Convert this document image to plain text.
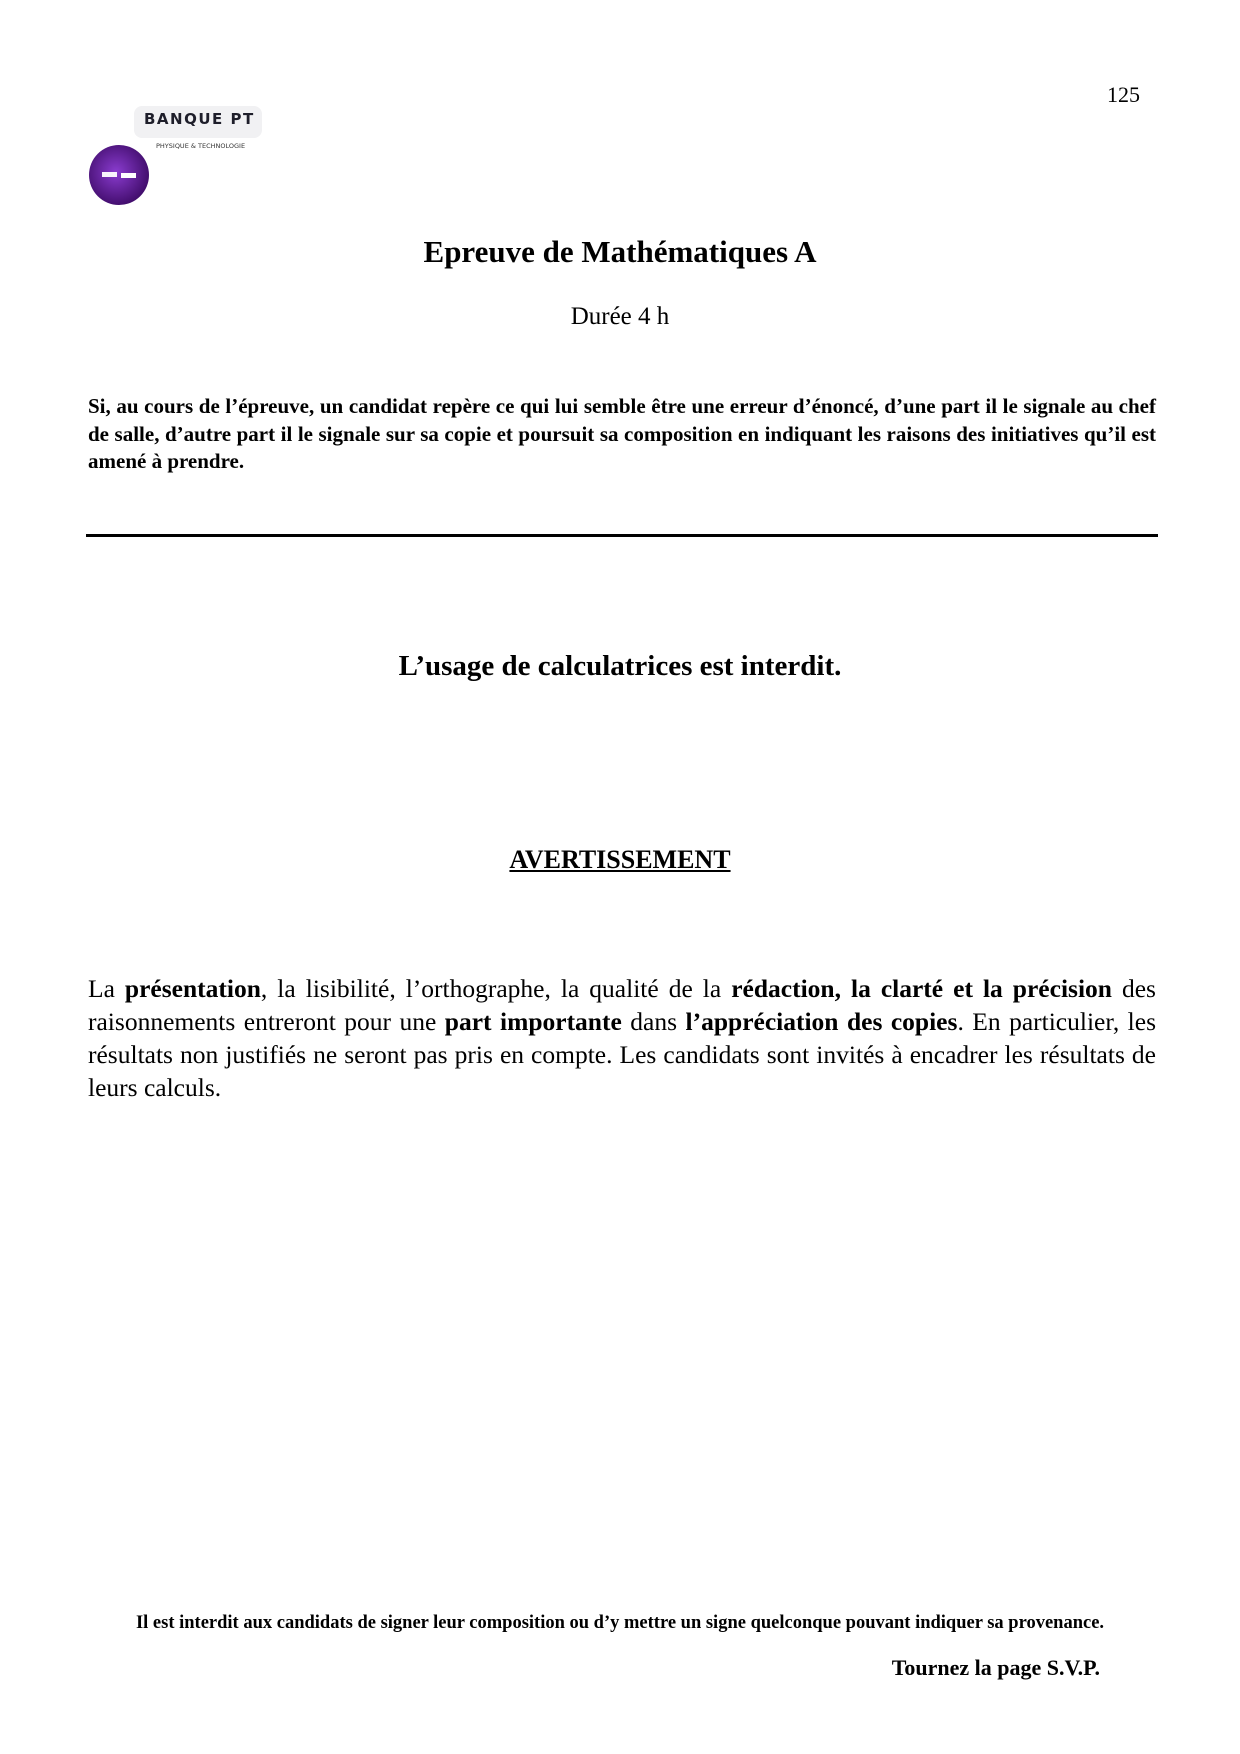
125
BANQUE PT
PHYSIQUE & TECHNOLOGIE
Epreuve de Mathématiques A
Durée 4 h

Si, au cours de l’épreuve, un candidat repère ce qui lui semble être une erreur d’énoncé, d’une part il le signale au chef de salle, d’autre part il le signale sur sa copie et poursuit sa composition en indiquant les raisons des initiatives qu’il est amené à prendre.

L’usage de calculatrices est interdit.
AVERTISSEMENT

La présentation, la lisibilité, l’orthographe, la qualité de la rédaction, la clarté et la précision des raisonnements entreront pour une part importante dans l’appréciation des copies. En particulier, les résultats non justifiés ne seront pas pris en compte. Les candidats sont invités à encadrer les résultats de leurs calculs.

Il est interdit aux candidats de signer leur composition ou d’y mettre un signe quelconque pouvant indiquer sa provenance.
Tournez la page S.V.P.
